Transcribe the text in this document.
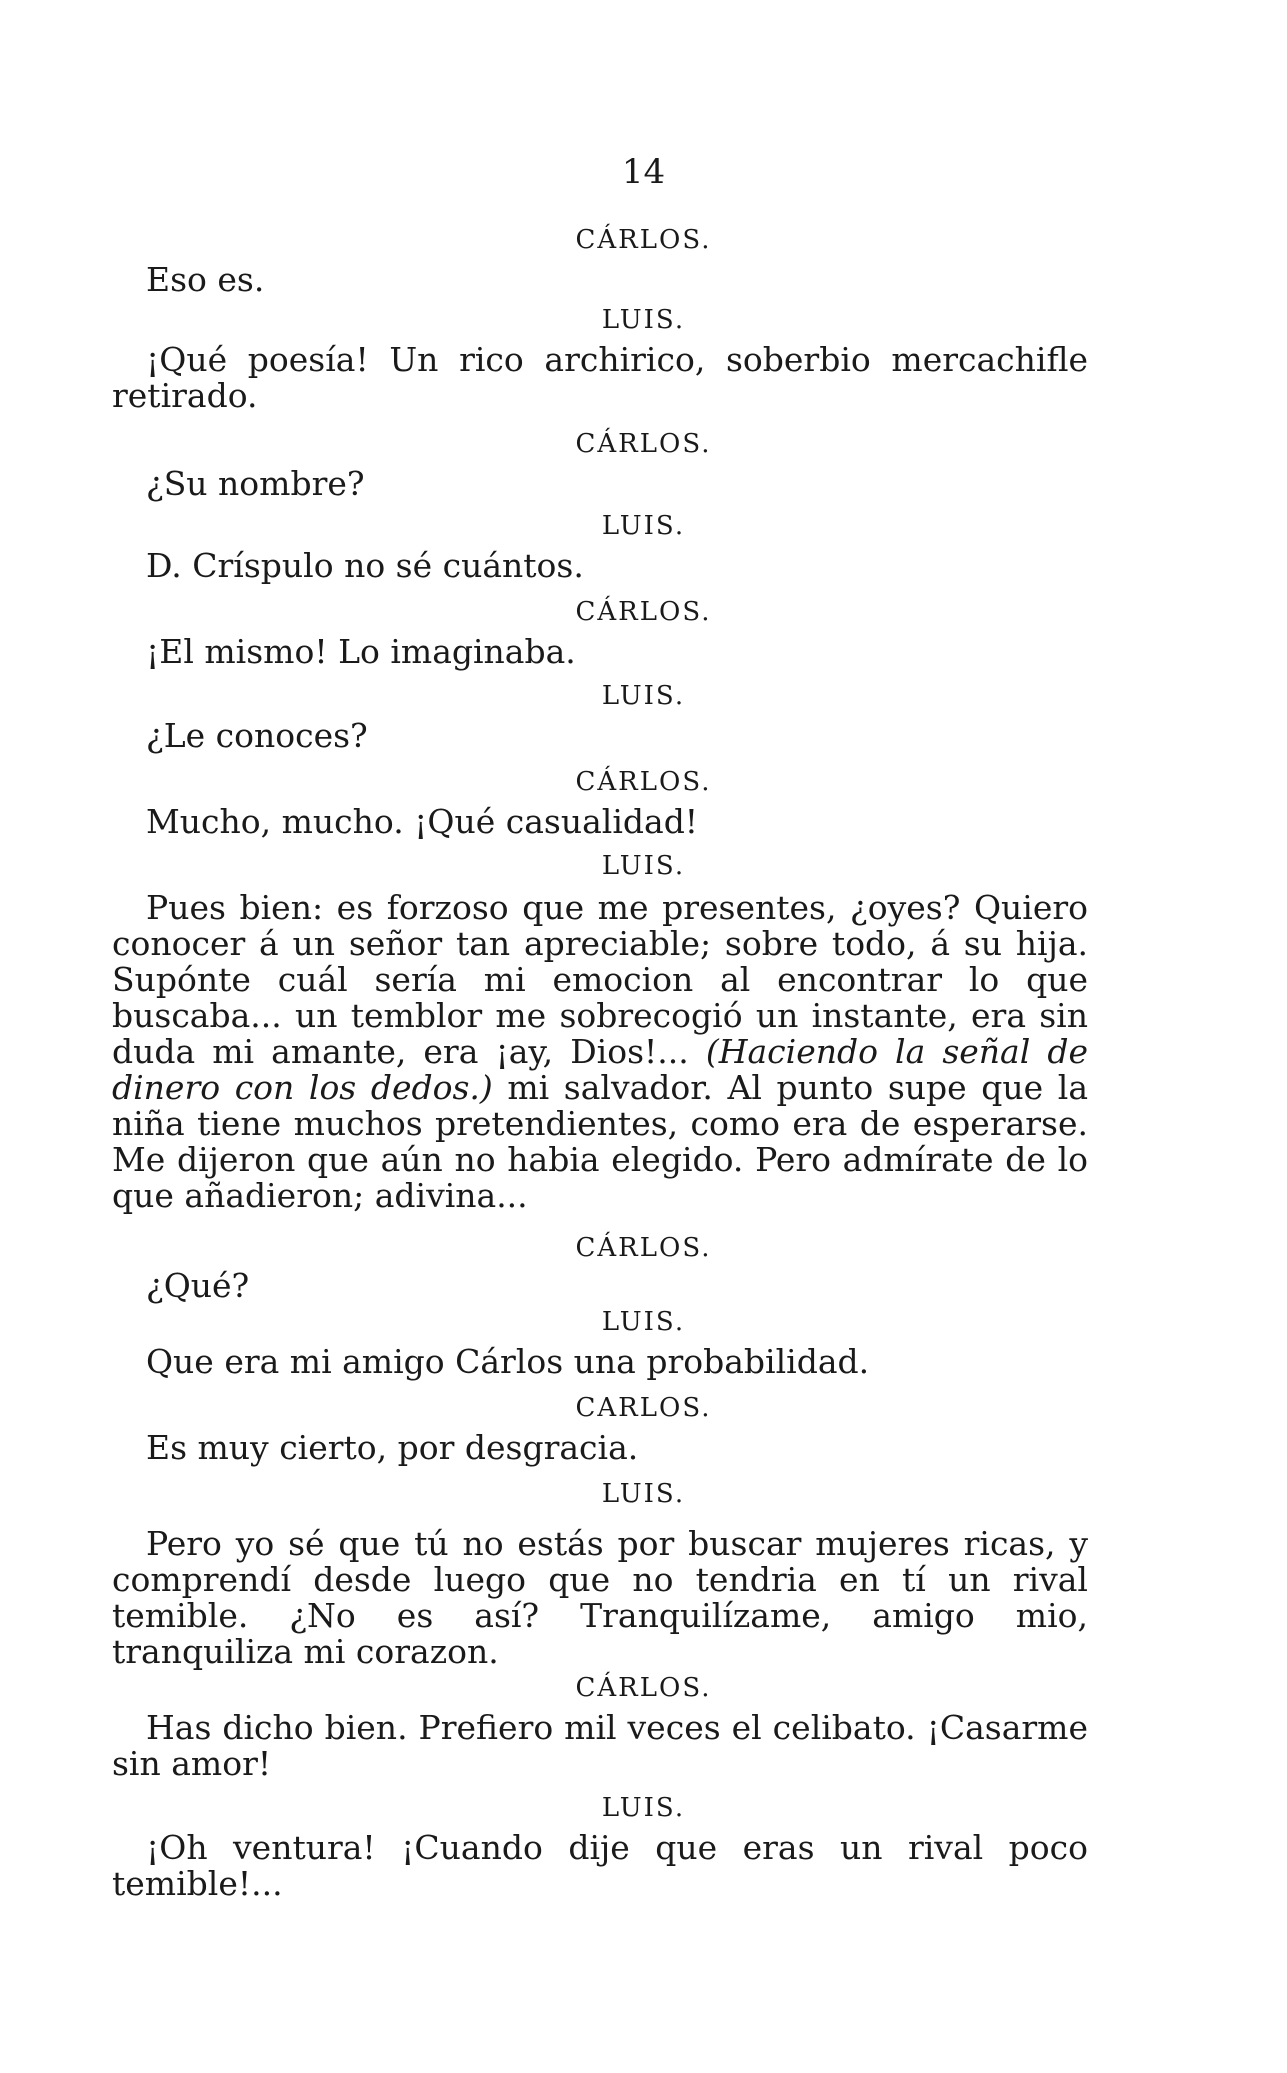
14
CÁRLOS.

Eso es.

LUIS.

¡Qué poesía! Un rico archirico, soberbio mercachifle retirado.

CÁRLOS.

¿Su nombre?

LUIS.

D. Críspulo no sé cuántos.

CÁRLOS.

¡El mismo! Lo imaginaba.

LUIS.

¿Le conoces?

CÁRLOS.

Mucho, mucho. ¡Qué casualidad!

LUIS.

Pues bien: es forzoso que me presentes, ¿oyes? Quiero conocer á un señor tan apreciable; sobre todo, á su hija. Supónte cuál sería mi emocion al encontrar lo que buscaba... un temblor me sobrecogió un instante, era sin duda mi amante, era ¡ay, Dios!... (Haciendo la señal de dinero con los dedos.) mi salvador. Al punto supe que la niña tiene muchos pretendientes, como era de esperarse. Me dijeron que aún no habia elegido. Pero admírate de lo que añadieron; adivina...

CÁRLOS.

¿Qué?

LUIS.

Que era mi amigo Cárlos una probabilidad.

CARLOS.

Es muy cierto, por desgracia.

LUIS.

Pero yo sé que tú no estás por buscar mujeres ricas, y comprendí desde luego que no tendria en tí un rival temible. ¿No es así? Tranquilízame, amigo mio, tranquiliza mi corazon.

CÁRLOS.

Has dicho bien. Prefiero mil veces el celibato. ¡Casarme sin amor!

LUIS.

¡Oh ventura! ¡Cuando dije que eras un rival poco temible!...
